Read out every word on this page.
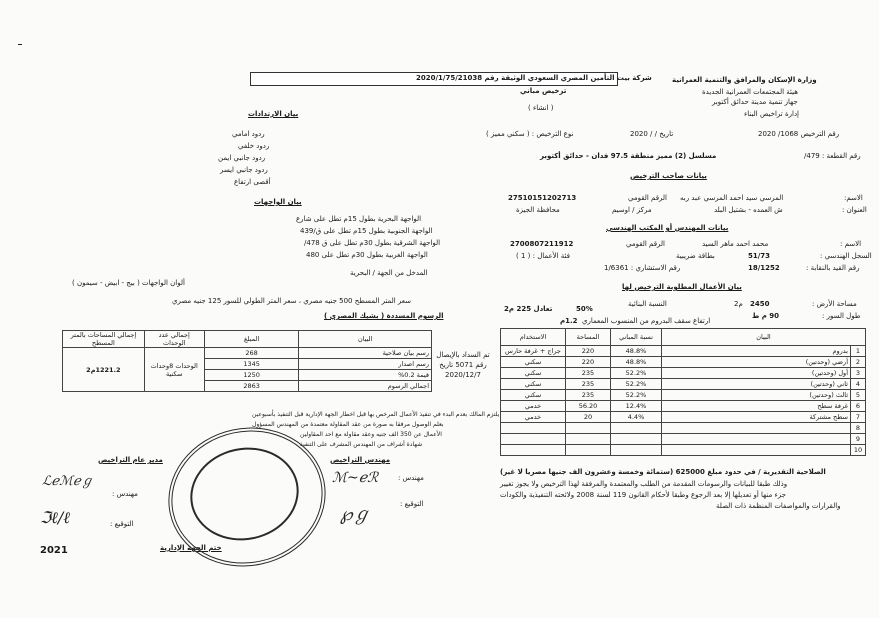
شركة بيت التأمين المصري السعودي الوثيقة رقم 2020/1/75/21038
ترخيص مباني
( انشاء )
وزارة الإسكان والمرافق والتنمية العمرانية
هيئة المجتمعات العمرانية الجديدة
جهاز تنمية مدينة حدائق أكتوبر
إدارة تراخيص البناء
رقم الترخيص 1068/ 2020
تاريخ / / 2020
نوع الترخيص : ( سكني مميز )
رقم القطعة : 479/
مسلسل (2) مميز منطقة 97.5 فدان - حدائق أكتوبر
بيانات صاحب الترخيص
الاسم:
المرسي سيد احمد المرسي عبد ربه
الرقم القومي
27510151202713
العنوان :
ش العمده - بشتيل البلد
مركز / اوسيم
محافظة الجيزة
بيانات المهندس أو المكتب الهندسي
الاسم :
محمد احمد ماهر السيد
الرقم القومي
2700807211912
السجل الهندسي :
51/73
بطاقة ضريبية
فئة الأعمال : ( 1 )
رقم القيد بالنقابة :
18/1252
رقم الاستشاري : 1/6361
بيان الأعمال المطلوبة الترخيص لها
مساحة الأرض :
2450
م2
النسبة البنائية
50%
تعادل 225 م2
طول السور :
90 م ط
ارتفاع سقف البدروم من المنسوب المعماري
1.2م
البيان		نسبة المباني	المساحة	الاستخدام
1	بدروم	48.8%	220	جراج + غرفة حارس
2	أرضي (وحدتين)	48.8%	220	سكني
3	أول (وحدتين)	52.2%	235	سكني
4	ثاني (وحدتين)	52.2%	235	سكني
5	ثالث (وحدتين)	52.2%	235	سكني
6	غرفة سطح	12.4%	56.20	خدمي
7	سطح مشتركة	4.4%	20	خدمي
8				
9				
10				
تم السداد بالإيصال رقم 5071 تاريخ 2020/12/7
بيان الارتدادات
ردود امامي
ردود خلفي
ردود جانبي ايمن
ردود جانبي ايسر
أقصى ارتفاع
بيان الواجهات
الواجهة البحرية بطول 15م تطل على شارع
الواجهة الجنوبية بطول 15م تطل على ق/439
الواجهة الشرقية بطول 30م تطل على ق 478/
الواجهة الغربية بطول 30م تطل على 480
المدخل من الجهة / البحرية
ألوان الواجهات ( بيج - ابيض - سيمون )
سعر المتر المسطح 500 جنيه مصري ، سعر المتر الطولي للسور 125 جنيه مصري
الرسوم المسددة ( بشيك المصري )
البيان	المبلغ	إجمالي عدد الوحدات	إجمالي المساحات بالمتر المسطح
رسم بيان صلاحية	268	الوحدات 8وحدات سكنية	1221.2م2
رسم اصدار	1345		
قيمة 0.2%	1250		
اجمالي الرسوم	2863		
الصلاحية التقديرية / في حدود مبلغ 625000 (ستمائة وخمسة وعشرون الف جنيها مصريا لا غير)
وذلك طبقا للبيانات والرسومات المقدمة من الطلب والمعتمدة والمرفقة لهذا الترخيص ولا يجوز تغيير
جزء منها أو تعديلها إلا بعد الرجوع وطبقا لأحكام القانون 119 لسنة 2008 ولائحته التنفيذية والكودات
والقرارات والمواصفات المنظمة ذات الصلة
يلتزم المالك بعدم البدء في تنفيذ الأعمال المرخص بها قبل اخطار الجهة الإدارية قبل التنفيذ بأسبوعين
بعلم الوصول مرفقا به صورة من عقد المقاولة معتمدة من المهندس المسؤول
الأعمال عن 350 الف جنيه وعقد مقاولة مع احد المقاولين
شهادة أشراف من المهندس المشرف على التنفيذ
مهندس التراخيص
مهندس :
التوقيع :
مدير عام التراخيص
مهندس :
التوقيع :
ختم الجهة الإدارية
2021
ℳ~ℯℛ
℘ℊ
ℒℯℳℯℊ
ℑℓ/ℓ
